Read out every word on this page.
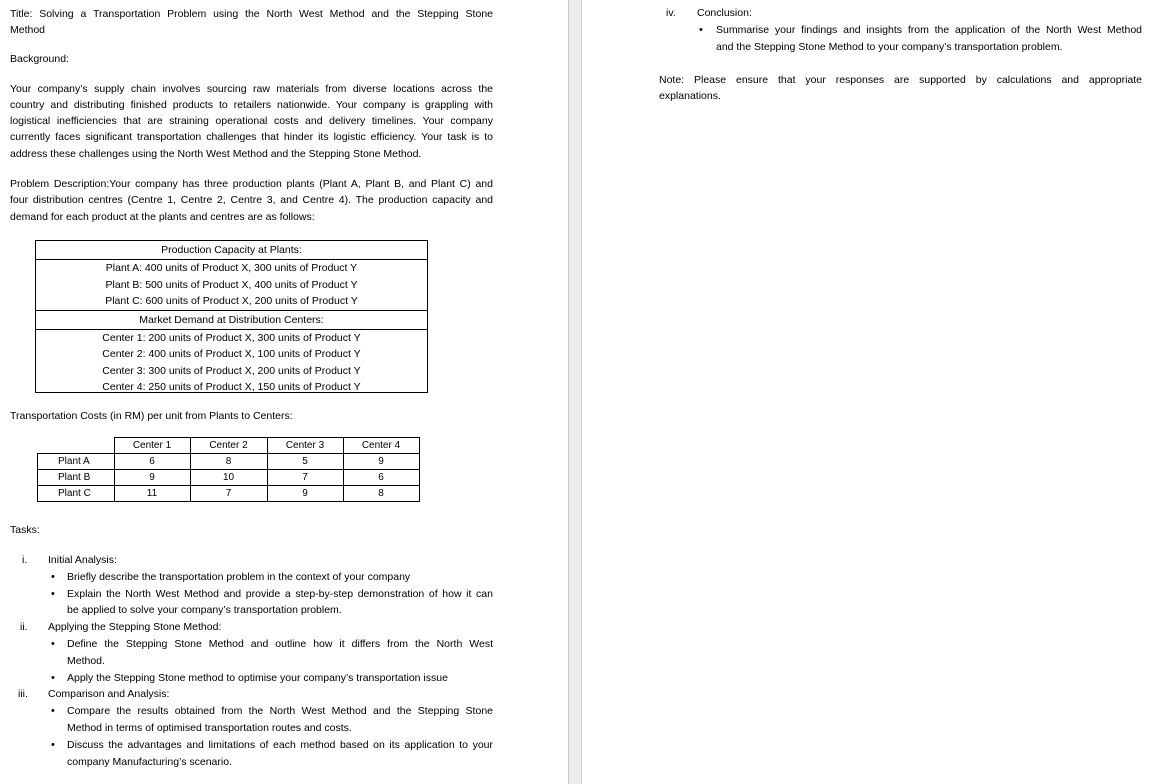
Title: Solving a Transportation Problem using the North West Method and the Stepping Stone
Method
Background:
Your company’s supply chain involves sourcing raw materials from diverse locations across the
country and distributing finished products to retailers nationwide. Your company is grappling with
logistical inefficiencies that are straining operational costs and delivery timelines. Your company
currently faces significant transportation challenges that hinder its logistic efficiency. Your task is to
address these challenges using the North West Method and the Stepping Stone Method.
Problem Description:Your company has three production plants (Plant A, Plant B, and Plant C) and
four distribution centres (Centre 1, Centre 2, Centre 3, and Centre 4). The production capacity and
demand for each product at the plants and centres are as follows:
Production Capacity at Plants:
Plant A: 400 units of Product X, 300 units of Product Y
Plant B: 500 units of Product X, 400 units of Product Y
Plant C: 600 units of Product X, 200 units of Product Y
Market Demand at Distribution Centers:
Center 1: 200 units of Product X, 300 units of Product Y
Center 2: 400 units of Product X, 100 units of Product Y
Center 3: 300 units of Product X, 200 units of Product Y
Center 4: 250 units of Product X, 150 units of Product Y
Transportation Costs (in RM) per unit from Plants to Centers:
	Center 1	Center 2	Center 3	Center 4
Plant A	6	8	5	9
Plant B	9	10	7	6
Plant C	11	7	9	8
Tasks:
i. Initial Analysis:
• Briefly describe the transportation problem in the context of your company
• Explain the North West Method and provide a step-by-step demonstration of how it can
be applied to solve your company’s transportation problem.
ii. Applying the Stepping Stone Method:
• Define the Stepping Stone Method and outline how it differs from the North West
Method.
• Apply the Stepping Stone method to optimise your company’s transportation issue
iii. Comparison and Analysis:
• Compare the results obtained from the North West Method and the Stepping Stone
Method in terms of optimised transportation routes and costs.
• Discuss the advantages and limitations of each method based on its application to your
company Manufacturing’s scenario.
iv. Conclusion:
• Summarise your findings and insights from the application of the North West Method
and the Stepping Stone Method to your company’s transportation problem.
Note: Please ensure that your responses are supported by calculations and appropriate
explanations.
